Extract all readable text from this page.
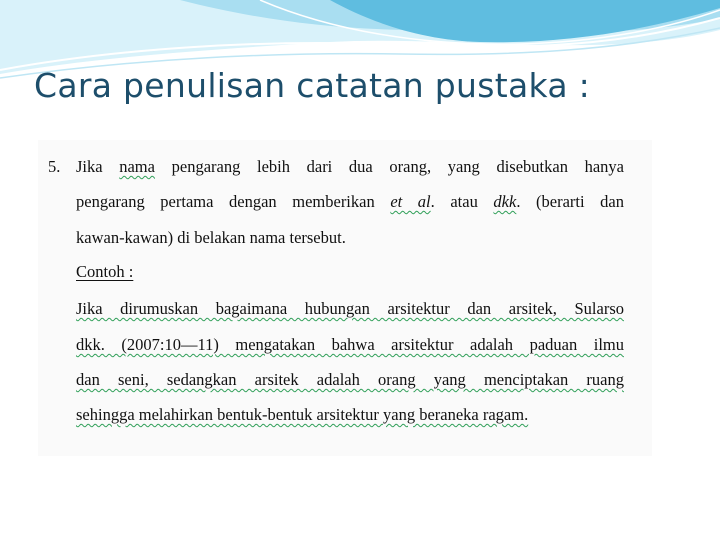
Cara penulisan catatan pustaka :
5. Jika nama pengarang lebih dari dua orang, yang disebutkan hanya

pengarang pertama dengan memberikan et al. atau dkk. (berarti dan

kawan-kawan) di belakan nama tersebut.

Contoh :

Jika dirumuskan bagaimana hubungan arsitektur dan arsitek, Sularso

dkk. (2007:10—11) mengatakan bahwa arsitektur adalah paduan ilmu

dan seni, sedangkan arsitek adalah orang yang menciptakan ruang

sehingga melahirkan bentuk-bentuk arsitektur yang beraneka ragam.
